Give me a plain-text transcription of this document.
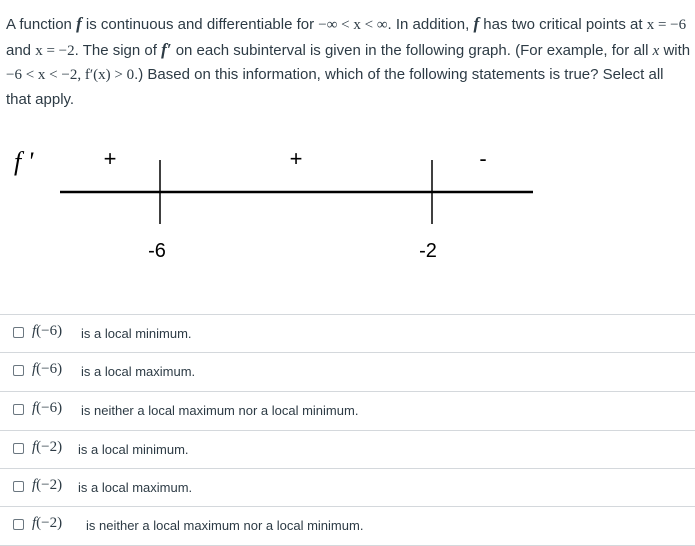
A function f is continuous and differentiable for −∞ < x < ∞. In addition, f has two critical points at x = −6 and x = −2. The sign of f′ on each subinterval is given in the following graph. (For example, for all x with −6 < x < −2, f′(x) > 0.) Based on this information, which of the following statements is true? Select all that apply.
f '	+	+	-
-6	-2
f(−6) is a local minimum.
f(−6) is a local maximum.
f(−6) is neither a local maximum nor a local minimum.
f(−2) is a local minimum.
f(−2) is a local maximum.
f(−2) is neither a local maximum nor a local minimum.
